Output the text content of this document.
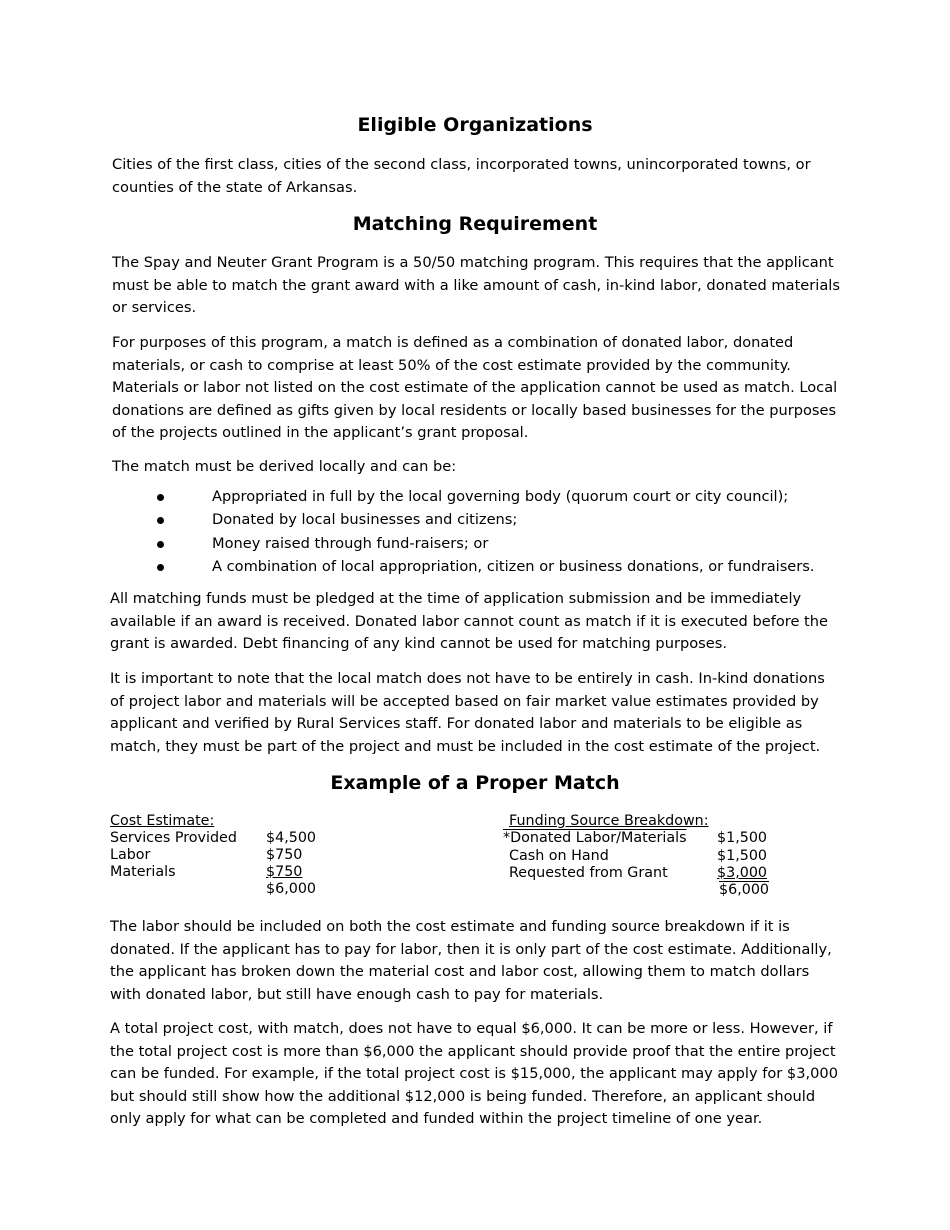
Eligible Organizations

Cities of the first class, cities of the second class, incorporated towns, unincorporated towns, or counties of the state of Arkansas.

Matching Requirement

The Spay and Neuter Grant Program is a 50/50 matching program. This requires that the applicant must be able to match the grant award with a like amount of cash, in-kind labor, donated materials or services.

For purposes of this program, a match is defined as a combination of donated labor, donated materials, or cash to comprise at least 50% of the cost estimate provided by the community. Materials or labor not listed on the cost estimate of the application cannot be used as match. Local donations are defined as gifts given by local residents or locally based businesses for the purposes of the projects outlined in the applicant’s grant proposal.

The match must be derived locally and can be:

Appropriated in full by the local governing body (quorum court or city council);
Donated by local businesses and citizens;
Money raised through fund-raisers; or
A combination of local appropriation, citizen or business donations, or fundraisers.

All matching funds must be pledged at the time of application submission and be immediately available if an award is received. Donated labor cannot count as match if it is executed before the grant is awarded. Debt financing of any kind cannot be used for matching purposes.

It is important to note that the local match does not have to be entirely in cash. In-kind donations of project labor and materials will be accepted based on fair market value estimates provided by applicant and verified by Rural Services staff. For donated labor and materials to be eligible as match, they must be part of the project and must be included in the cost estimate of the project.

Example of a Proper Match
Cost Estimate:
Services Provided $4,500
Labor	$750
Materials	$750
$6,000
Funding Source Breakdown:
*Donated Labor/Materials $1,500
Cash on Hand	$1,500
Requested from Grant	$3,000
$6,000

The labor should be included on both the cost estimate and funding source breakdown if it is donated. If the applicant has to pay for labor, then it is only part of the cost estimate. Additionally, the applicant has broken down the material cost and labor cost, allowing them to match dollars with donated labor, but still have enough cash to pay for materials.

A total project cost, with match, does not have to equal $6,000. It can be more or less. However, if the total project cost is more than $6,000 the applicant should provide proof that the entire project can be funded. For example, if the total project cost is $15,000, the applicant may apply for $3,000 but should still show how the additional $12,000 is being funded. Therefore, an applicant should only apply for what can be completed and funded within the project timeline of one year.
